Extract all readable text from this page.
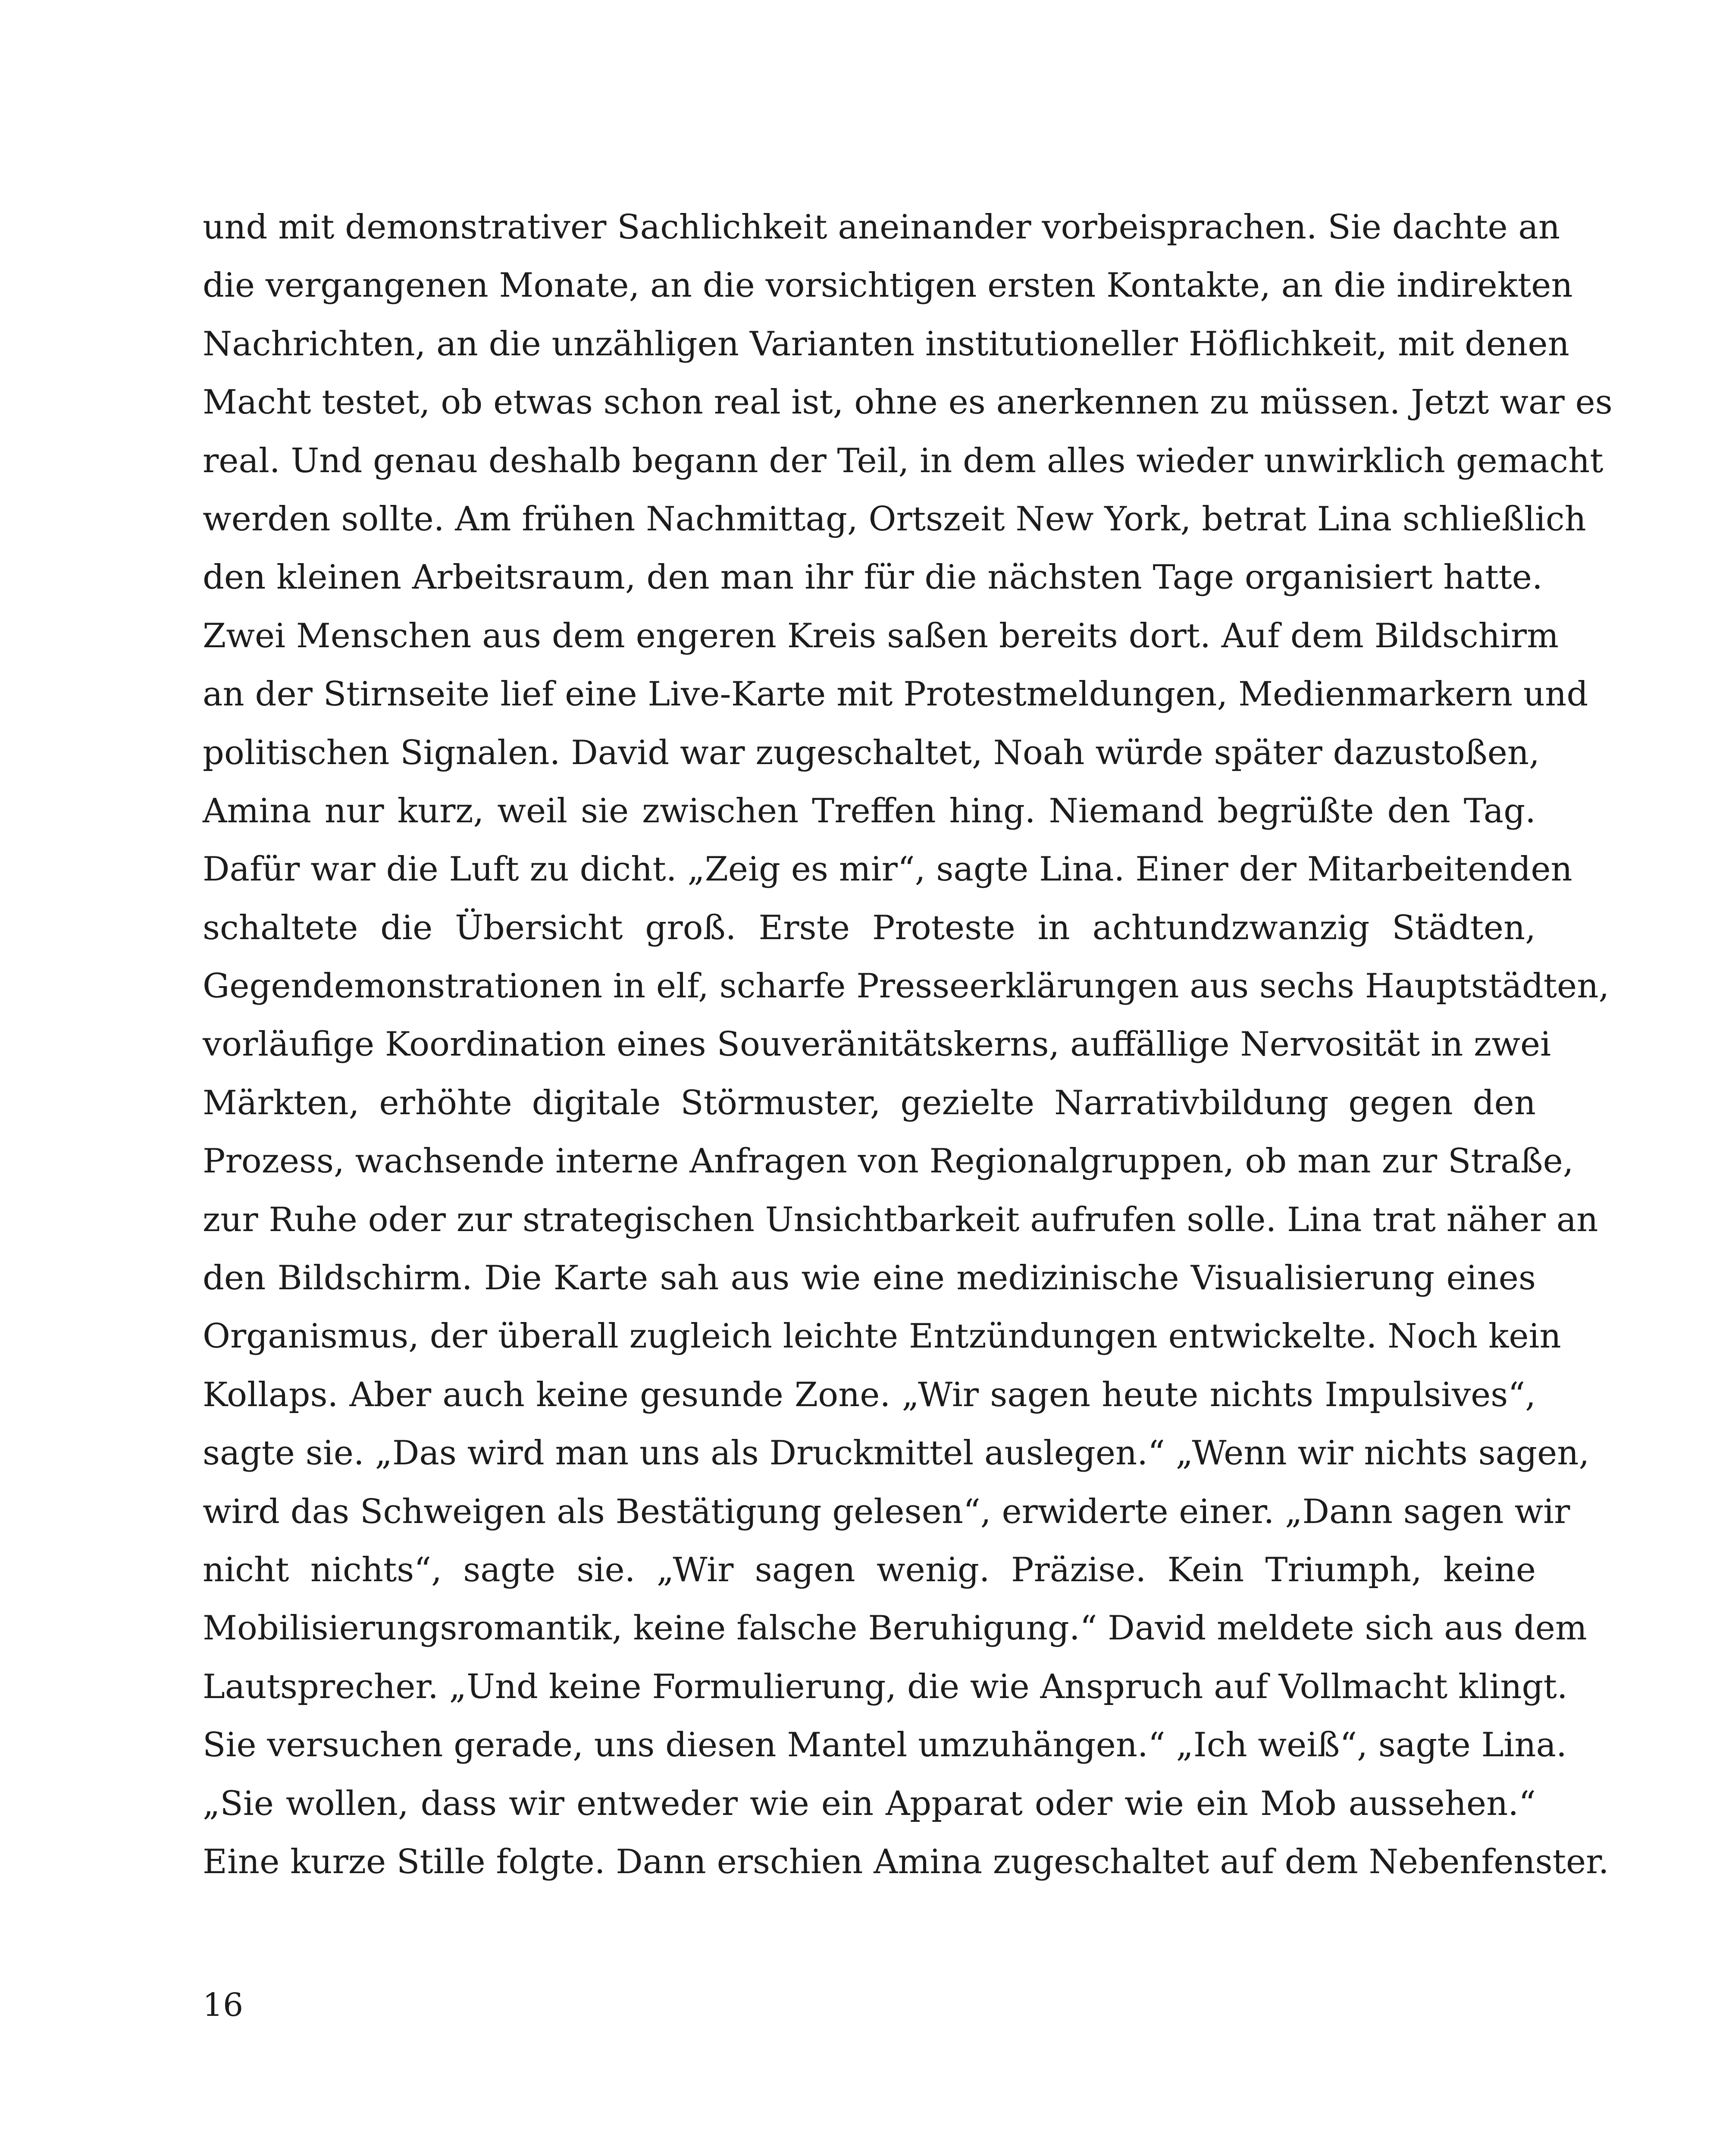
und mit demonstrativer Sachlichkeit aneinander vorbeisprachen. Sie dachte an
die vergangenen Monate, an die vorsichtigen ersten Kontakte, an die indirekten
Nachrichten, an die unzähligen Varianten institutioneller Höflichkeit, mit denen
Macht testet, ob etwas schon real ist, ohne es anerkennen zu müssen. Jetzt war es
real. Und genau deshalb begann der Teil, in dem alles wieder unwirklich gemacht
werden sollte. Am frühen Nachmittag, Ortszeit New York, betrat Lina schließlich
den kleinen Arbeitsraum, den man ihr für die nächsten Tage organisiert hatte.
Zwei Menschen aus dem engeren Kreis saßen bereits dort. Auf dem Bildschirm
an der Stirnseite lief eine Live-Karte mit Protestmeldungen, Medienmarkern und
politischen Signalen. David war zugeschaltet, Noah würde später dazustoßen,
Amina nur kurz, weil sie zwischen Treffen hing. Niemand begrüßte den Tag.
Dafür war die Luft zu dicht. „Zeig es mir“, sagte Lina. Einer der Mitarbeitenden
schaltete die Übersicht groß. Erste Proteste in achtundzwanzig Städten,
Gegendemonstrationen in elf, scharfe Presseerklärungen aus sechs Hauptstädten,
vorläufige Koordination eines Souveränitätskerns, auffällige Nervosität in zwei
Märkten, erhöhte digitale Störmuster, gezielte Narrativbildung gegen den
Prozess, wachsende interne Anfragen von Regionalgruppen, ob man zur Straße,
zur Ruhe oder zur strategischen Unsichtbarkeit aufrufen solle. Lina trat näher an
den Bildschirm. Die Karte sah aus wie eine medizinische Visualisierung eines
Organismus, der überall zugleich leichte Entzündungen entwickelte. Noch kein
Kollaps. Aber auch keine gesunde Zone. „Wir sagen heute nichts Impulsives“,
sagte sie. „Das wird man uns als Druckmittel auslegen.“ „Wenn wir nichts sagen,
wird das Schweigen als Bestätigung gelesen“, erwiderte einer. „Dann sagen wir
nicht nichts“, sagte sie. „Wir sagen wenig. Präzise. Kein Triumph, keine
Mobilisierungsromantik, keine falsche Beruhigung.“ David meldete sich aus dem
Lautsprecher. „Und keine Formulierung, die wie Anspruch auf Vollmacht klingt.
Sie versuchen gerade, uns diesen Mantel umzuhängen.“ „Ich weiß“, sagte Lina.
„Sie wollen, dass wir entweder wie ein Apparat oder wie ein Mob aussehen.“
Eine kurze Stille folgte. Dann erschien Amina zugeschaltet auf dem Nebenfenster.
16
